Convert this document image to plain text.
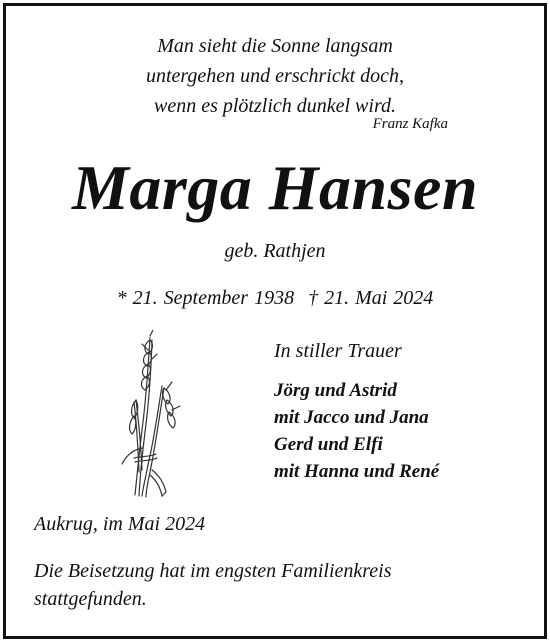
Man sieht die Sonne langsam
untergehen und erschrickt doch,
wenn es plötzlich dunkel wird.
Franz Kafka
Marga Hansen
geb. Rathjen
* 21. September 1938 † 21. Mai 2024
In stiller Trauer
Jörg und Astrid
mit Jacco und Jana
Gerd und Elfi
mit Hanna und René
Aukrug, im Mai 2024
Die Beisetzung hat im engsten Familienkreis
stattgefunden.
